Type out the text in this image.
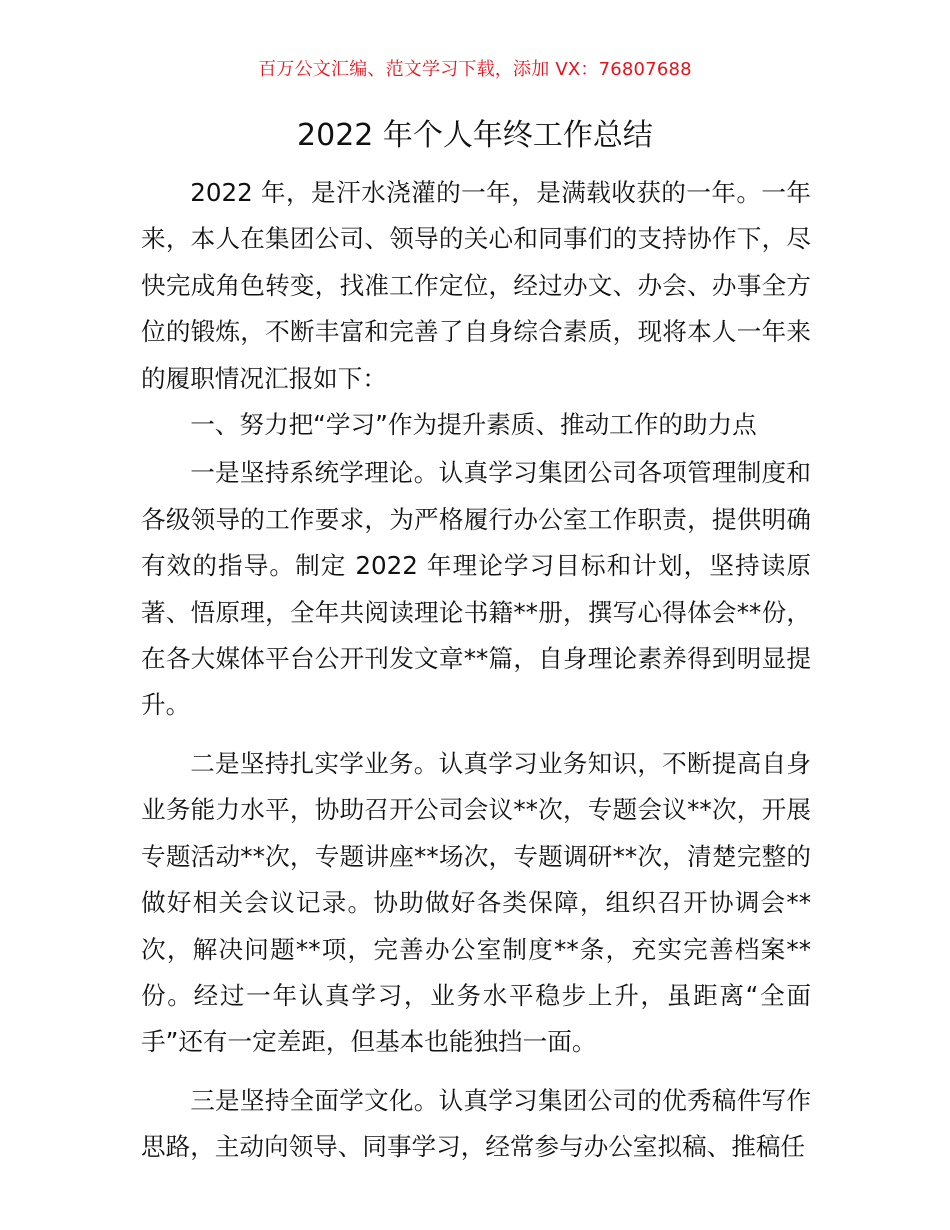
百万公文汇编、范文学习下载，添加 VX：76807688
2022 年个人年终工作总结

2022 年，是汗水浇灌的一年，是满载收获的一年。一年来，本人在集团公司、领导的关心和同事们的支持协作下，尽快完成角色转变，找准工作定位，经过办文、办会、办事全方位的锻炼，不断丰富和完善了自身综合素质，现将本人一年来的履职情况汇报如下：

一、努力把“学习”作为提升素质、推动工作的助力点

一是坚持系统学理论。认真学习集团公司各项管理制度和各级领导的工作要求，为严格履行办公室工作职责，提供明确有效的指导。制定 2022 年理论学习目标和计划，坚持读原著、悟原理，全年共阅读理论书籍**册，撰写心得体会**份，在各大媒体平台公开刊发文章**篇，自身理论素养得到明显提升。

二是坚持扎实学业务。认真学习业务知识，不断提高自身业务能力水平，协助召开公司会议**次，专题会议**次，开展专题活动**次，专题讲座**场次，专题调研**次，清楚完整的做好相关会议记录。协助做好各类保障，组织召开协调会**次，解决问题**项，完善办公室制度**条，充实完善档案**份。经过一年认真学习，业务水平稳步上升，虽距离“全面手”还有一定差距，但基本也能独挡一面。

三是坚持全面学文化。认真学习集团公司的优秀稿件写作思路，主动向领导、同事学习，经常参与办公室拟稿、推稿任
